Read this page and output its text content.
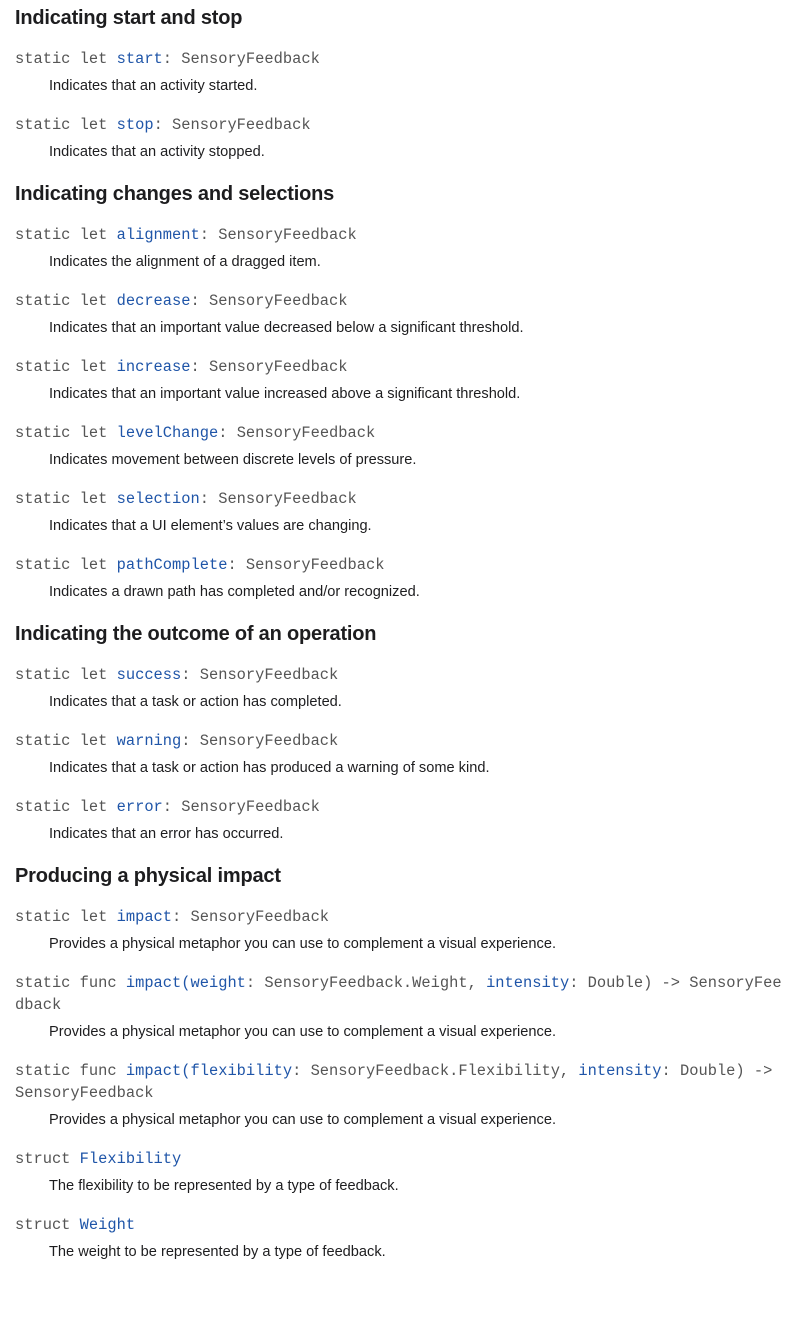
Indicating start and stop
static let start: SensoryFeedback
Indicates that an activity started.
static let stop: SensoryFeedback
Indicates that an activity stopped.
Indicating changes and selections
static let alignment: SensoryFeedback
Indicates the alignment of a dragged item.
static let decrease: SensoryFeedback
Indicates that an important value decreased below a significant threshold.
static let increase: SensoryFeedback
Indicates that an important value increased above a significant threshold.
static let levelChange: SensoryFeedback
Indicates movement between discrete levels of pressure.
static let selection: SensoryFeedback
Indicates that a UI element’s values are changing.
static let pathComplete: SensoryFeedback
Indicates a drawn path has completed and/or recognized.
Indicating the outcome of an operation
static let success: SensoryFeedback
Indicates that a task or action has completed.
static let warning: SensoryFeedback
Indicates that a task or action has produced a warning of some kind.
static let error: SensoryFeedback
Indicates that an error has occurred.
Producing a physical impact
static let impact: SensoryFeedback
Provides a physical metaphor you can use to complement a visual experience.
static func impact(weight: SensoryFeedback.Weight, intensity: Double) -> SensoryFeedback
Provides a physical metaphor you can use to complement a visual experience.
static func impact(flexibility: SensoryFeedback.Flexibility, intensity: Double) -> SensoryFeedback
Provides a physical metaphor you can use to complement a visual experience.
struct Flexibility
The flexibility to be represented by a type of feedback.
struct Weight
The weight to be represented by a type of feedback.
